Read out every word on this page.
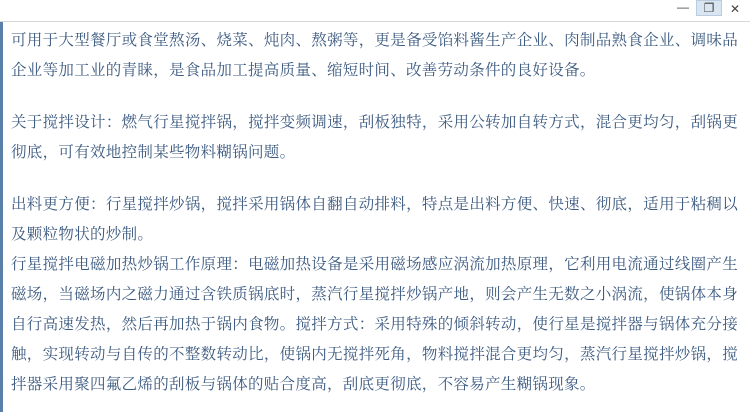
—	❐	✕

可用于大型餐厅或食堂熬汤、烧菜、炖肉、熬粥等，更是备受馅料酱生产企业、肉制品熟食企业、调味品企业等加工业的青睐，是食品加工提高质量、缩短时间、改善劳动条件的良好设备。

关于搅拌设计：燃气行星搅拌锅，搅拌变频调速，刮板独特，采用公转加自转方式，混合更均匀，刮锅更彻底，可有效地控制某些物料糊锅问题。

出料更方便：行星搅拌炒锅，搅拌采用锅体自翻自动排料，特点是出料方便、快速、彻底，适用于粘稠以及颗粒物状的炒制。

行星搅拌电磁加热炒锅工作原理：电磁加热设备是采用磁场感应涡流加热原理，它利用电流通过线圈产生磁场，当磁场内之磁力通过含铁质锅底时，蒸汽行星搅拌炒锅产地，则会产生无数之小涡流，使锅体本身自行高速发热，然后再加热于锅内食物。搅拌方式：采用特殊的倾斜转动，使行星是搅拌器与锅体充分接触，实现转动与自传的不整数转动比，使锅内无搅拌死角，物料搅拌混合更均匀，蒸汽行星搅拌炒锅，搅拌器采用聚四氟乙烯的刮板与锅体的贴合度高，刮底更彻底，不容易产生糊锅现象。
